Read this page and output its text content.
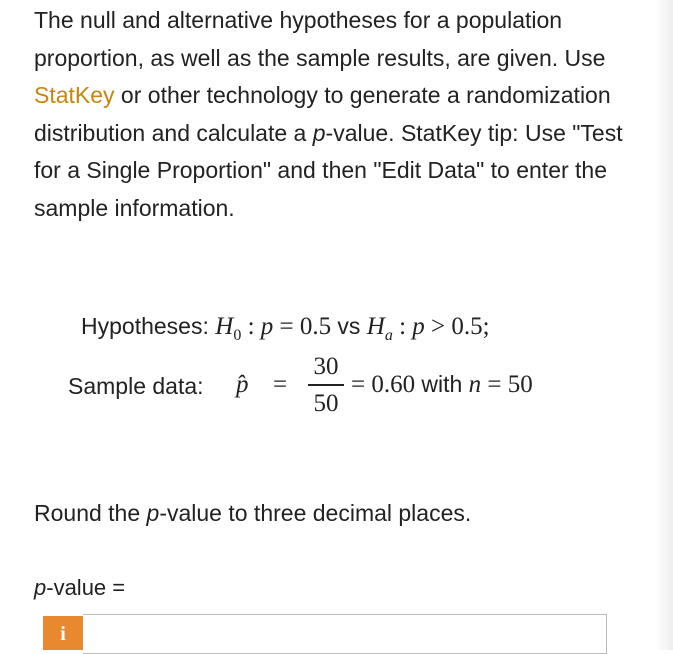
The null and alternative hypotheses for a population proportion, as well as the sample results, are given. Use StatKey or other technology to generate a randomization distribution and calculate a p-value. StatKey tip: Use "Test for a Single Proportion" and then "Edit Data" to enter the sample information.

Hypotheses: $H_0$ : p = 0.5 vs $H_a$ : p > 0.5;
Sample data: p̂ =
30
50
= 0.60 with n = 50
Round the p-value to three decimal places.
p-value =
i
